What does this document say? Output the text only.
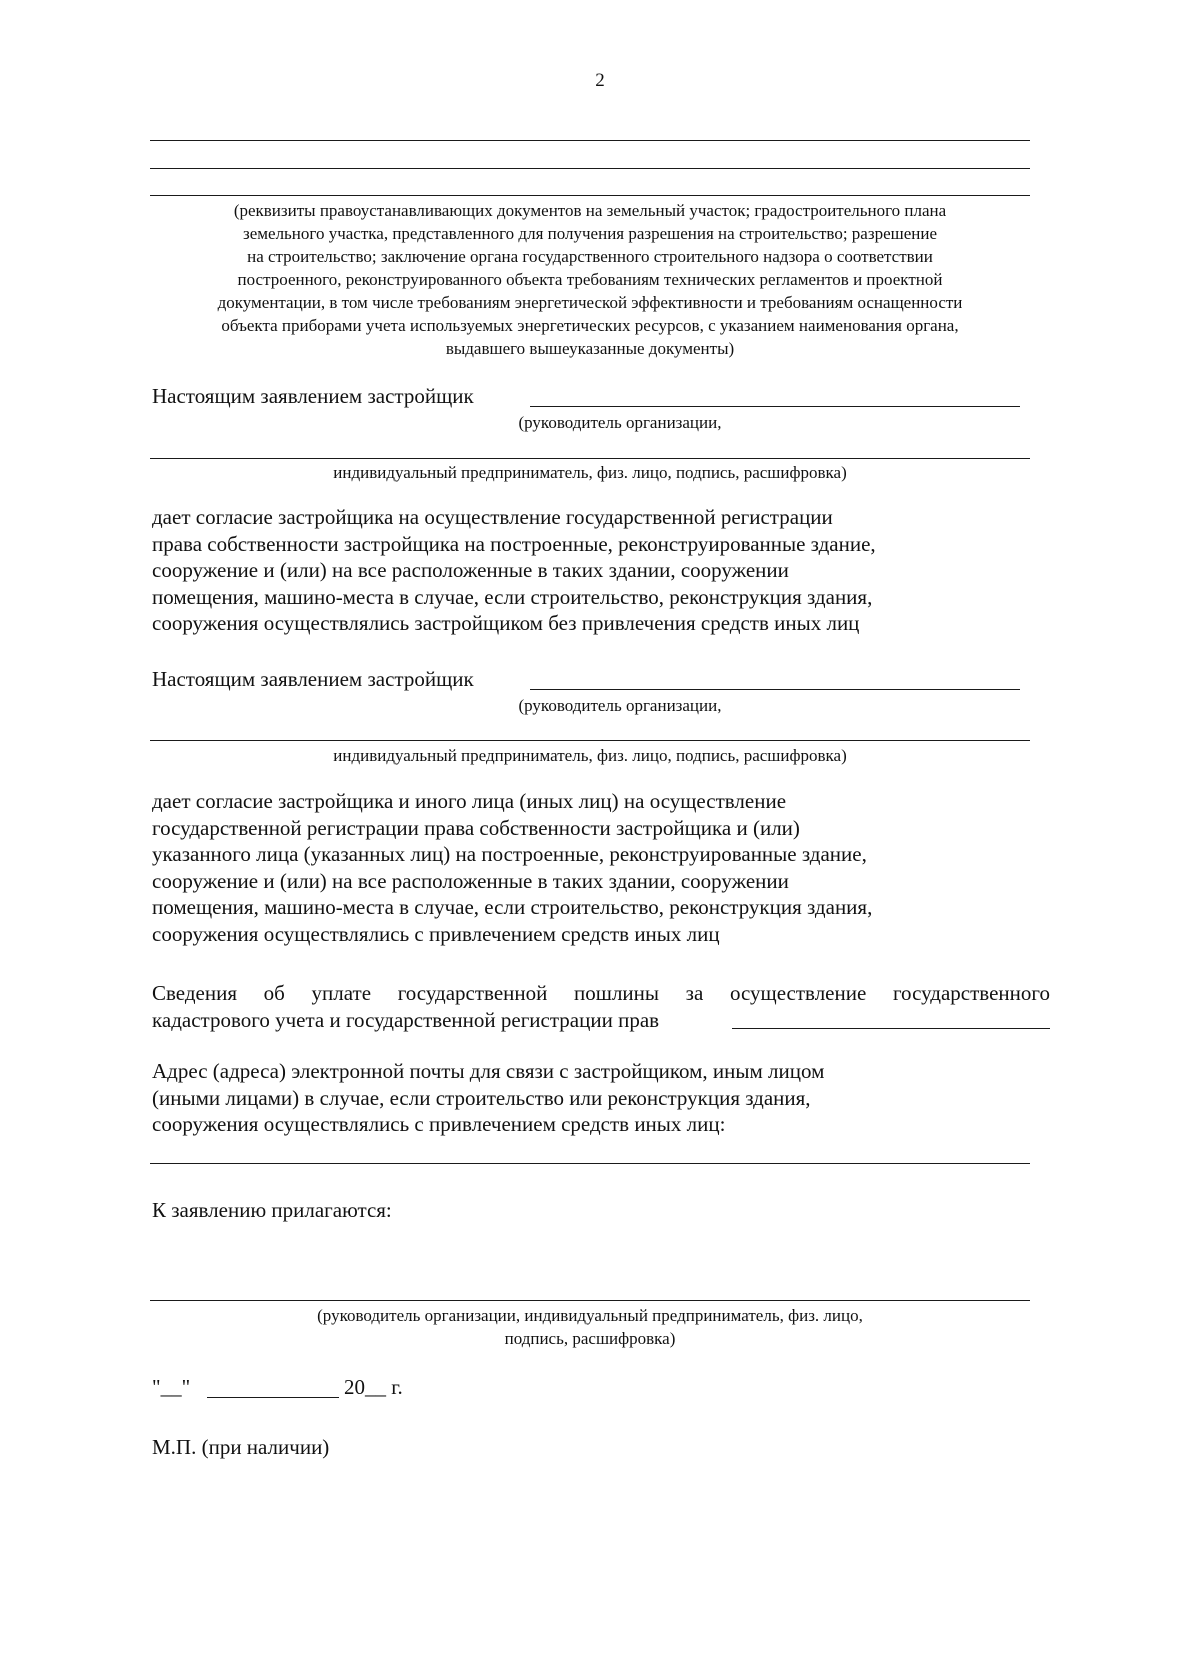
2
(реквизиты правоустанавливающих документов на земельный участок; градостроительного плана
земельного участка, представленного для получения разрешения на строительство; разрешение
на строительство; заключение органа государственного строительного надзора о соответствии
построенного, реконструированного объекта требованиям технических регламентов и проектной
документации, в том числе требованиям энергетической эффективности и требованиям оснащенности
объекта приборами учета используемых энергетических ресурсов, с указанием наименования органа,
выдавшего вышеуказанные документы)
Настоящим заявлением застройщик
(руководитель организации,
индивидуальный предприниматель, физ. лицо, подпись, расшифровка)
дает согласие застройщика на осуществление государственной регистрации
права собственности застройщика на построенные, реконструированные здание,
сооружение и (или) на все расположенные в таких здании, сооружении
помещения, машино-места в случае, если строительство, реконструкция здания,
сооружения осуществлялись застройщиком без привлечения средств иных лиц
Настоящим заявлением застройщик
(руководитель организации,
индивидуальный предприниматель, физ. лицо, подпись, расшифровка)
дает согласие застройщика и иного лица (иных лиц) на осуществление
государственной регистрации права собственности застройщика и (или)
указанного лица (указанных лиц) на построенные, реконструированные здание,
сооружение и (или) на все расположенные в таких здании, сооружении
помещения, машино-места в случае, если строительство, реконструкция здания,
сооружения осуществлялись с привлечением средств иных лиц
Сведения об уплате государственной пошлины за осуществление государственного
кадастрового учета и государственной регистрации прав
Адрес (адреса) электронной почты для связи с застройщиком, иным лицом
(иными лицами) в случае, если строительство или реконструкция здания,
сооружения осуществлялись с привлечением средств иных лиц:
К заявлению прилагаются:
(руководитель организации, индивидуальный предприниматель, физ. лицо,
подпись, расшифровка)
"__"	20__ г.
М.П. (при наличии)
